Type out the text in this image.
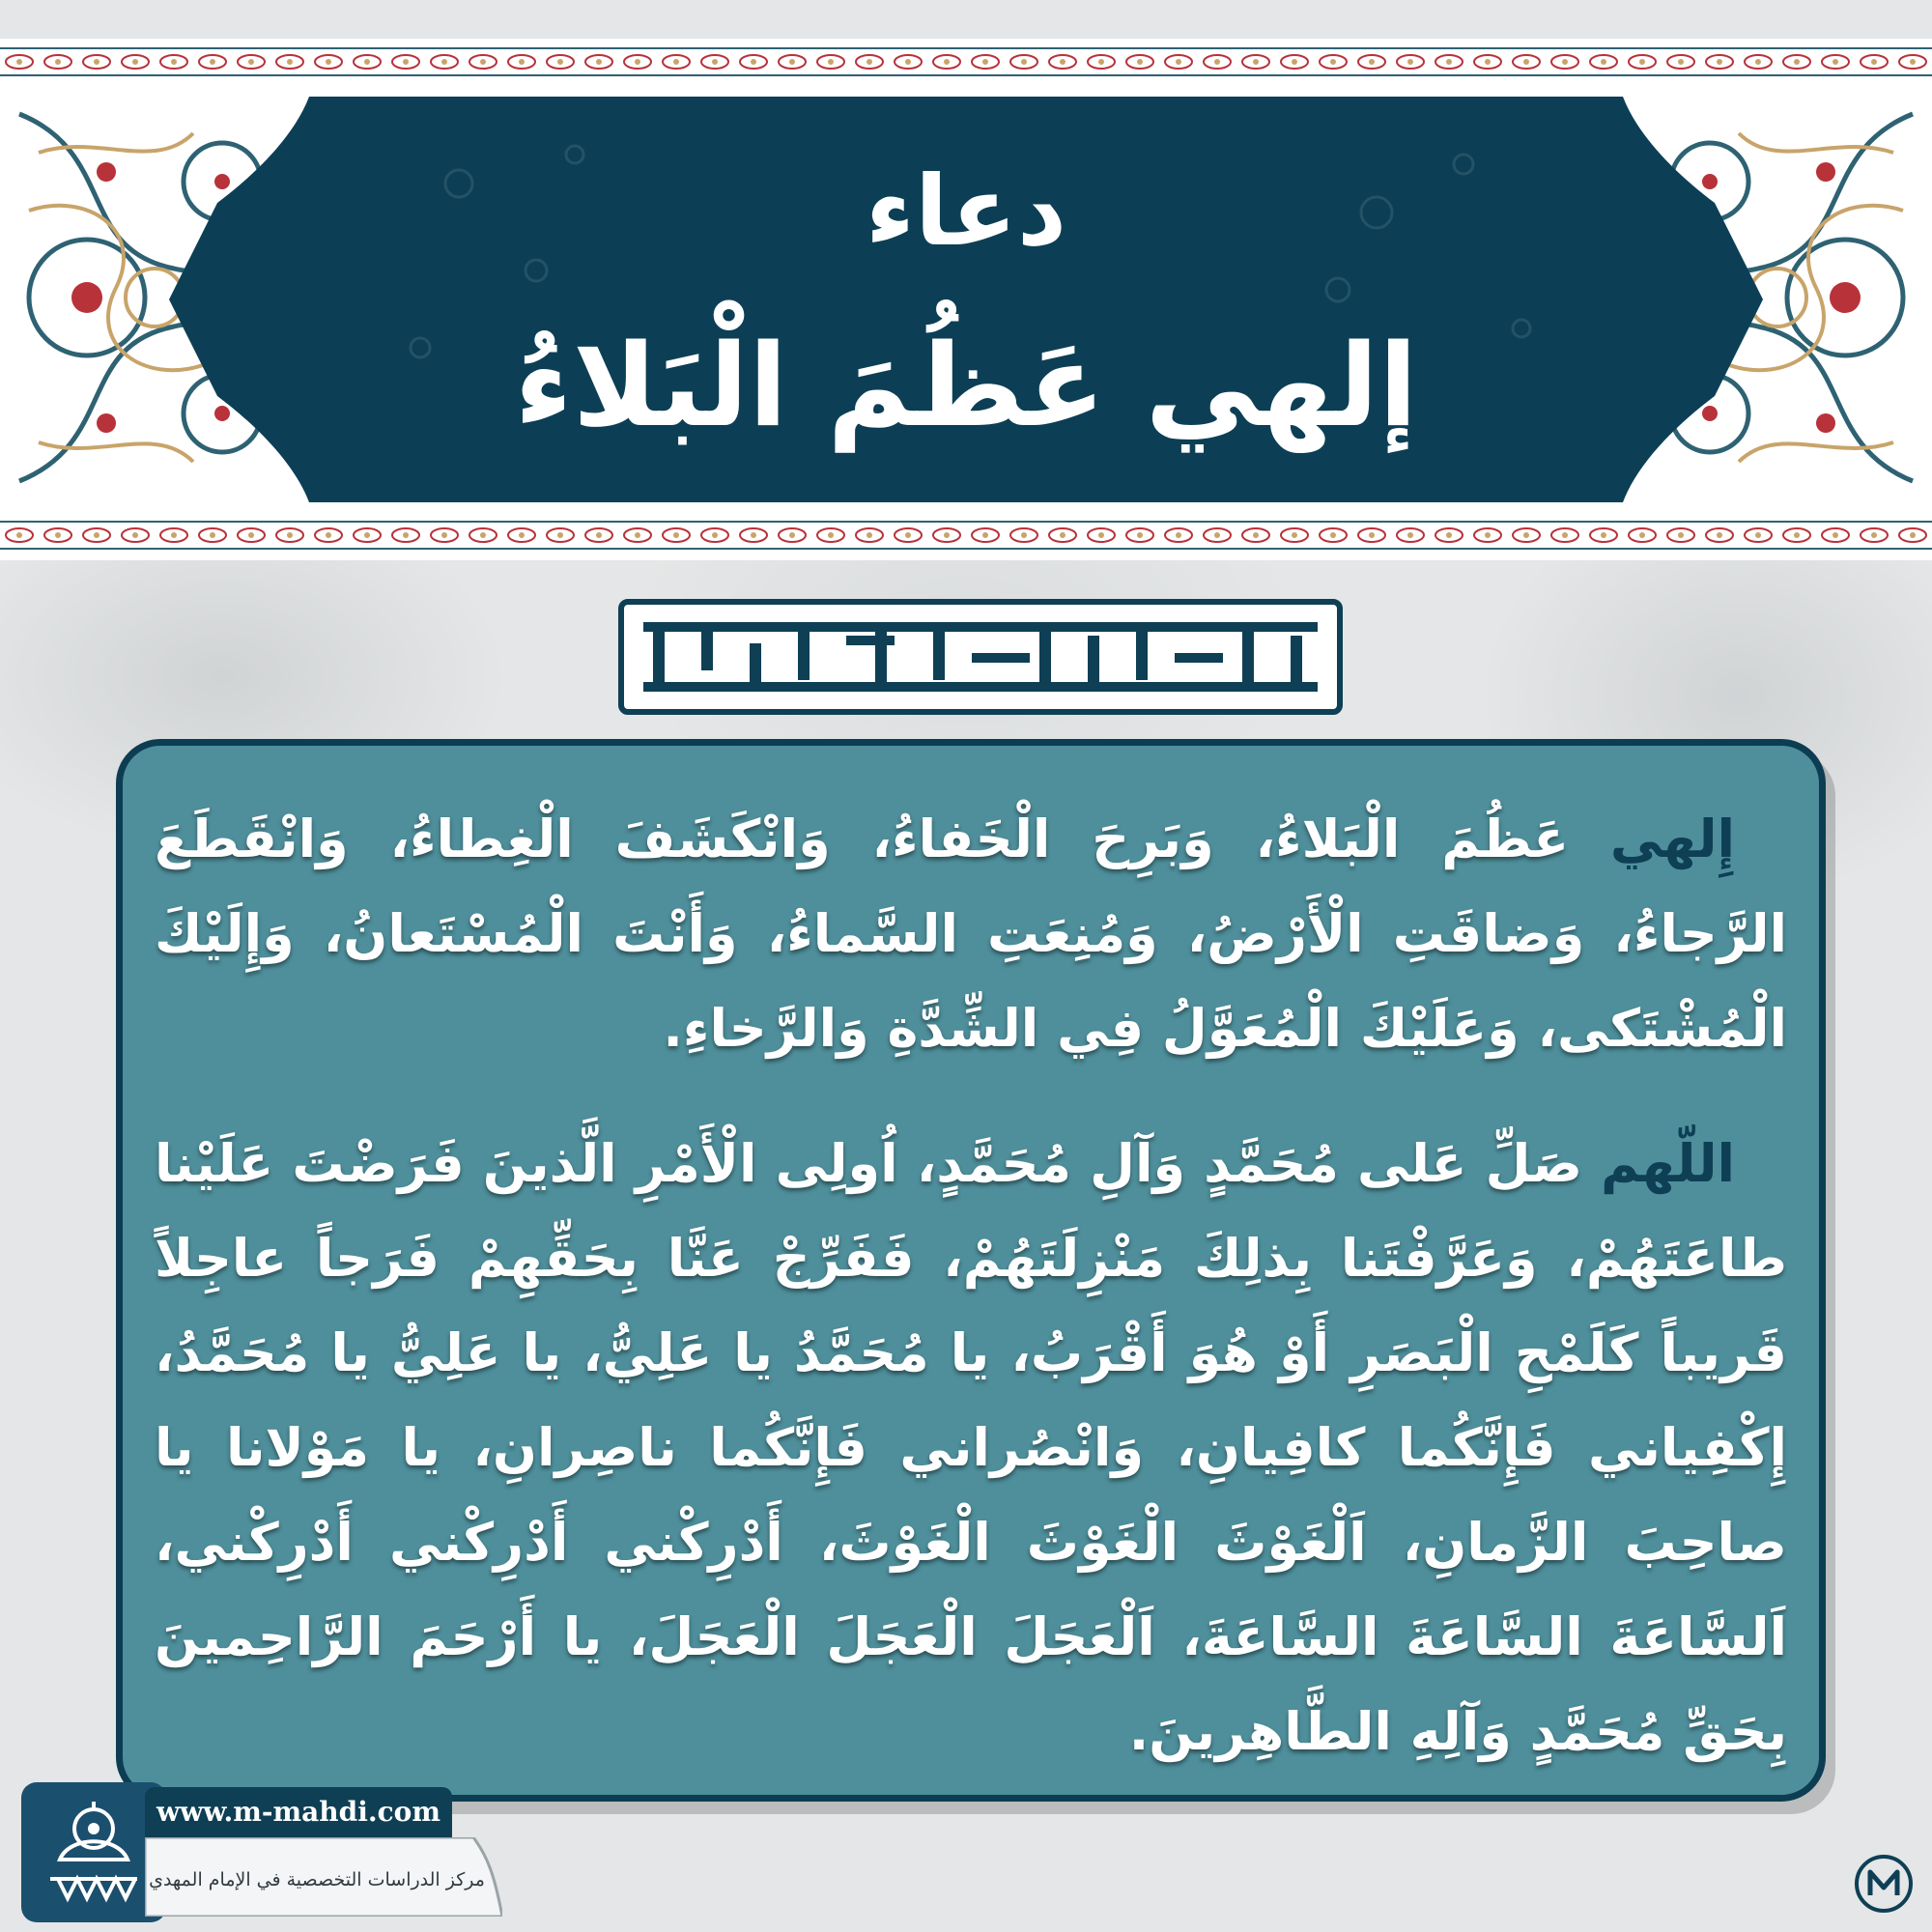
دعاء
إلهي عَظُمَ الْبَلاءُ

إِلهي عَظُمَ الْبَلاءُ، وَبَرِحَ الْخَفاءُ، وَانْكَشَفَ الْغِطاءُ، وَانْقَطَعَ الرَّجاءُ، وَضاقَتِ الْأَرْضُ، وَمُنِعَتِ السَّماءُ، وَأَنْتَ الْمُسْتَعانُ، وَإِلَيْكَ الْمُشْتَكى، وَعَلَيْكَ الْمُعَوَّلُ فِي الشِّدَّةِ وَالرَّخاءِ.

اللّهم صَلِّ عَلى مُحَمَّدٍ وَآلِ مُحَمَّدٍ، اُولِى الْأَمْرِ الَّذينَ فَرَضْتَ عَلَيْنا طاعَتَهُمْ، وَعَرَّفْتَنا بِذلِكَ مَنْزِلَتَهُمْ، فَفَرِّجْ عَنَّا بِحَقِّهِمْ فَرَجاً عاجِلاً قَريباً كَلَمْحِ الْبَصَرِ أَوْ هُوَ أَقْرَبُ، يا مُحَمَّدُ يا عَلِيُّ، يا عَلِيُّ يا مُحَمَّدُ، إِكْفِياني فَإِنَّكُما كافِيانِ، وَانْصُراني فَإِنَّكُما ناصِرانِ، يا مَوْلانا يا صاحِبَ الزَّمانِ، اَلْغَوْثَ الْغَوْثَ الْغَوْثَ، أَدْرِكْني أَدْرِكْني أَدْرِكْني، اَلسَّاعَةَ السَّاعَةَ السَّاعَةَ، اَلْعَجَلَ الْعَجَلَ الْعَجَلَ، يا أَرْحَمَ الرَّاحِمينَ بِحَقِّ مُحَمَّدٍ وَآلِهِ الطَّاهِرينَ.

www.m-mahdi.com
مركز الدراسات التخصصية في الإمام المهدي
